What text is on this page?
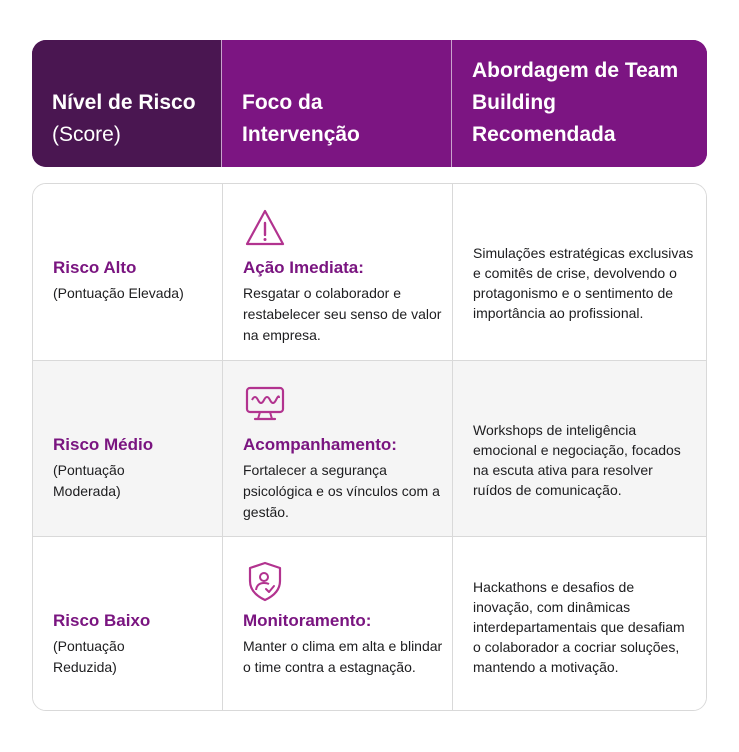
Nível de Risco (Score)
Foco da Intervenção
Abordagem de Team Building Recomendada
Risco Alto
(Pontuação Elevada)
Ação Imediata:
Resgatar o colaborador e restabelecer seu senso de valor na empresa.
Simulações estratégicas exclusivas e comitês de crise, devolvendo o protagonismo e o sentimento de importância ao profissional.
Risco Médio
(Pontuação Moderada)
Acompanhamento:
Fortalecer a segurança psicológica e os vínculos com a gestão.
Workshops de inteligência emocional e negociação, focados na escuta ativa para resolver ruídos de comunicação.
Risco Baixo
(Pontuação Reduzida)
Monitoramento:
Manter o clima em alta e blindar o time contra a estagnação.
Hackathons e desafios de inovação, com dinâmicas interdepartamentais que desafiam o colaborador a cocriar soluções, mantendo a motivação.
